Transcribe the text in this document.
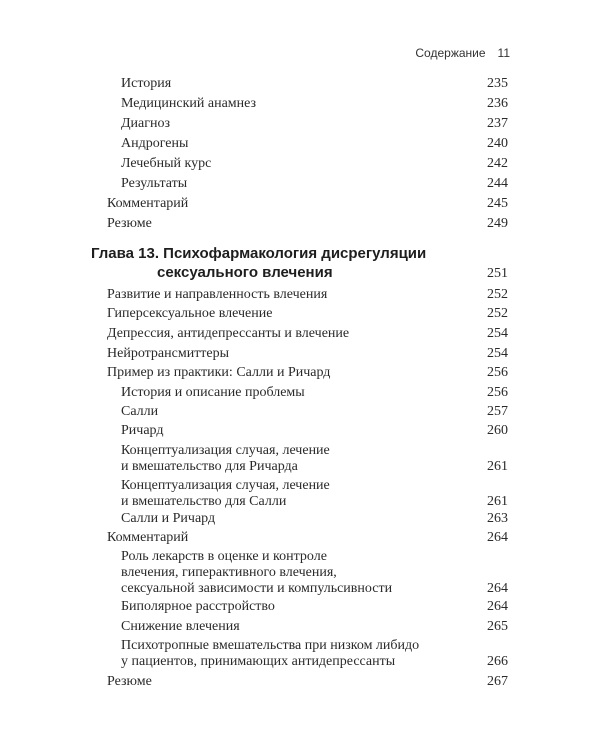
Содержание 11
История	235
Медицинский анамнез	236
Диагноз	237
Андрогены	240
Лечебный курс	242
Результаты	244
Комментарий	245
Резюме	249
Глава 13. Психофармакология дисрегуляции
сексуального влечения	251
Развитие и направленность влечения	252
Гиперсексуальное влечение	252
Депрессия, антидепрессанты и влечение	254
Нейротрансмиттеры	254
Пример из практики: Салли и Ричард	256
История и описание проблемы	256
Салли	257
Ричард	260
Концептуализация случая, лечение
и вмешательство для Ричарда	261
Концептуализация случая, лечение
и вмешательство для Салли	261
Салли и Ричард	263
Комментарий	264
Роль лекарств в оценке и контроле
влечения, гиперактивного влечения,
сексуальной зависимости и компульсивности	264
Биполярное расстройство	264
Снижение влечения	265
Психотропные вмешательства при низком либидо
у пациентов, принимающих антидепрессанты	266
Резюме	267
